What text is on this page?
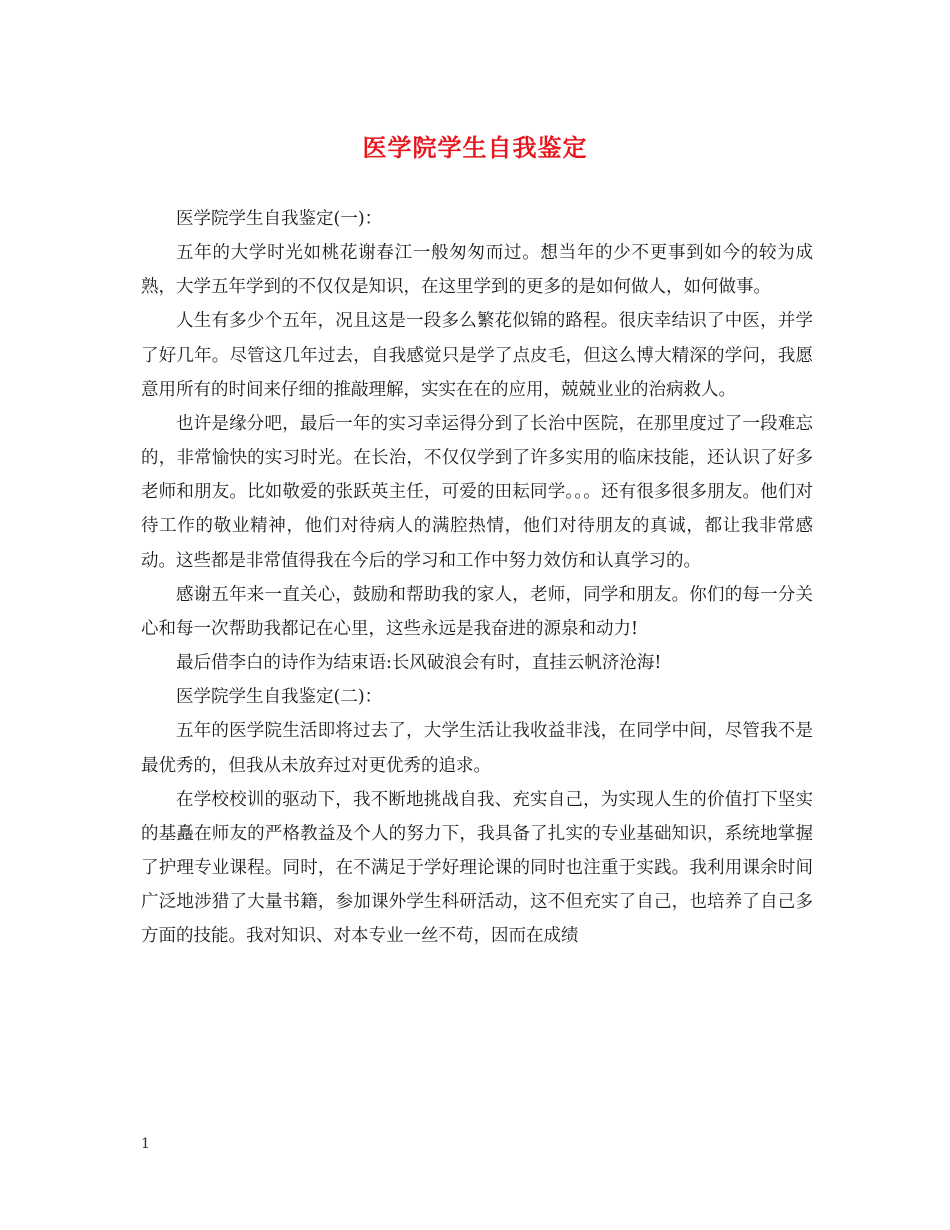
医学院学生自我鉴定

医学院学生自我鉴定(一)：

五年的大学时光如桃花谢春江一般匆匆而过。想当年的少不更事到如今的较为成熟，大学五年学到的不仅仅是知识，在这里学到的更多的是如何做人，如何做事。

人生有多少个五年，况且这是一段多么繁花似锦的路程。很庆幸结识了中医，并学了好几年。尽管这几年过去，自我感觉只是学了点皮毛，但这么博大精深的学问，我愿意用所有的时间来仔细的推敲理解，实实在在的应用，兢兢业业的治病救人。

也许是缘分吧，最后一年的实习幸运得分到了长治中医院，在那里度过了一段难忘的，非常愉快的实习时光。在长治，不仅仅学到了许多实用的临床技能，还认识了好多老师和朋友。比如敬爱的张跃英主任，可爱的田耘同学。。。还有很多很多朋友。他们对待工作的敬业精神，他们对待病人的满腔热情，他们对待朋友的真诚，都让我非常感动。这些都是非常值得我在今后的学习和工作中努力效仿和认真学习的。

感谢五年来一直关心，鼓励和帮助我的家人，老师，同学和朋友。你们的每一分关心和每一次帮助我都记在心里，这些永远是我奋进的源泉和动力!

最后借李白的诗作为结束语:长风破浪会有时，直挂云帆济沧海!

医学院学生自我鉴定(二)：

五年的医学院生活即将过去了，大学生活让我收益非浅，在同学中间，尽管我不是最优秀的，但我从未放弃过对更优秀的追求。

在学校校训的驱动下，我不断地挑战自我、充实自己，为实现人生的价值打下坚实的基矗在师友的严格教益及个人的努力下，我具备了扎实的专业基础知识，系统地掌握了护理专业课程。同时，在不满足于学好理论课的同时也注重于实践。我利用课余时间广泛地涉猎了大量书籍，参加课外学生科研活动，这不但充实了自己，也培养了自己多方面的技能。我对知识、对本专业一丝不苟，因而在成绩

1
